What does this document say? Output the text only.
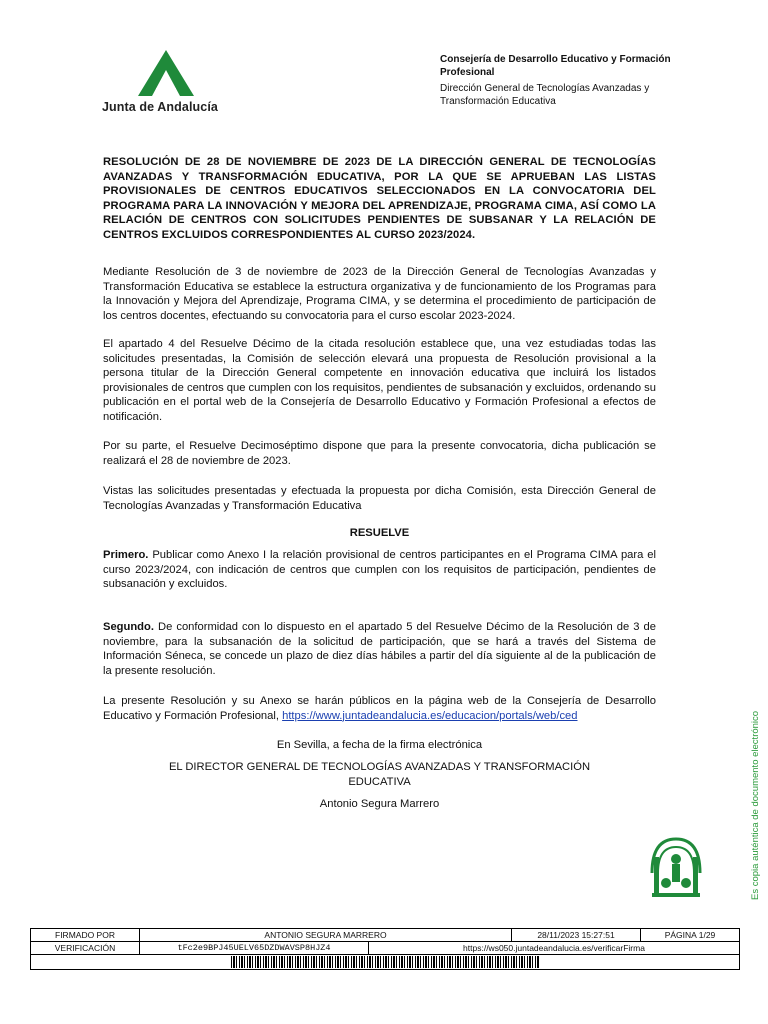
Junta de Andalucía
Consejería de Desarrollo Educativo y Formación Profesional
Dirección General de Tecnologías Avanzadas y Transformación Educativa
RESOLUCIÓN DE 28 DE NOVIEMBRE DE 2023 DE LA DIRECCIÓN GENERAL DE TECNOLOGÍAS AVANZADAS Y TRANSFORMACIÓN EDUCATIVA, POR LA QUE SE APRUEBAN LAS LISTAS PROVISIONALES DE CENTROS EDUCATIVOS SELECCIONADOS EN LA CONVOCATORIA DEL PROGRAMA PARA LA INNOVACIÓN Y MEJORA DEL APRENDIZAJE, PROGRAMA CIMA, ASÍ COMO LA RELACIÓN DE CENTROS CON SOLICITUDES PENDIENTES DE SUBSANAR Y LA RELACIÓN DE CENTROS EXCLUIDOS CORRESPONDIENTES AL CURSO 2023/2024.
Mediante Resolución de 3 de noviembre de 2023 de la Dirección General de Tecnologías Avanzadas y Transformación Educativa se establece la estructura organizativa y de funcionamiento de los Programas para la Innovación y Mejora del Aprendizaje, Programa CIMA, y se determina el procedimiento de participación de los centros docentes, efectuando su convocatoria para el curso escolar 2023-2024.
El apartado 4 del Resuelve Décimo de la citada resolución establece que, una vez estudiadas todas las solicitudes presentadas, la Comisión de selección elevará una propuesta de Resolución provisional a la persona titular de la Dirección General competente en innovación educativa que incluirá los listados provisionales de centros que cumplen con los requisitos, pendientes de subsanación y excluidos, ordenando su publicación en el portal web de la Consejería de Desarrollo Educativo y Formación Profesional a efectos de notificación.
Por su parte, el Resuelve Decimoséptimo dispone que para la presente convocatoria, dicha publicación se realizará el 28 de noviembre de 2023.
Vistas las solicitudes presentadas y efectuada la propuesta por dicha Comisión, esta Dirección General de Tecnologías Avanzadas y Transformación Educativa
RESUELVE
Primero. Publicar como Anexo I la relación provisional de centros participantes en el Programa CIMA para el curso 2023/2024, con indicación de centros que cumplen con los requisitos de participación, pendientes de subsanación y excluidos.
Segundo. De conformidad con lo dispuesto en el apartado 5 del Resuelve Décimo de la Resolución de 3 de noviembre, para la subsanación de la solicitud de participación, que se hará a través del Sistema de Información Séneca, se concede un plazo de diez días hábiles a partir del día siguiente al de la publicación de la presente resolución.
La presente Resolución y su Anexo se harán públicos en la página web de la Consejería de Desarrollo Educativo y Formación Profesional, https://www.juntadeandalucia.es/educacion/portals/web/ced
En Sevilla, a fecha de la firma electrónica
EL DIRECTOR GENERAL DE TECNOLOGÍAS AVANZADAS Y TRANSFORMACIÓN
EDUCATIVA
Antonio Segura Marrero	Es copia auténtica de documento electrónico
FIRMADO POR	ANTONIO SEGURA MARRERO		28/11/2023 15:27:51	PÁGINA 1/29
VERIFICACIÓN	tFc2e9BPJ45UELV65DZDWAVSP8HJZ4	https://ws050.juntadeandalucia.es/verificarFirma		
